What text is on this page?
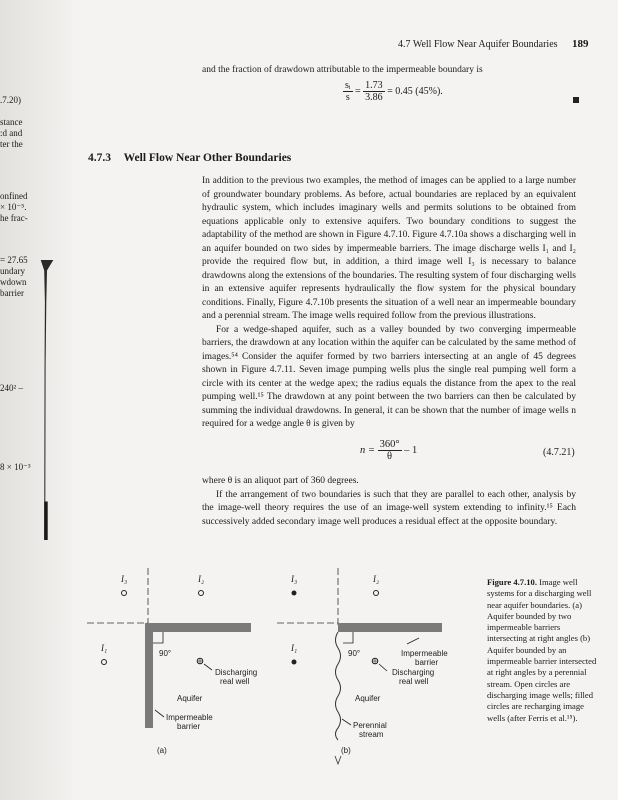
.7.20)
stance
:d and
ter the
onfined
× 10⁻⁵.
he frac-
= 27.65
undary
wdown
barrier
240² –
8 × 10⁻³
4.7 Well Flow Near Aquifer Boundaries 189

and the fraction of drawdown attributable to the impermeable boundary is

$\frac{\text{sᵢ}}{s} = \frac{1.73}{3.86} = 0.45$ (45%).
4.7.3 Well Flow Near Other Boundaries

In addition to the previous two examples, the method of images can be applied to a large number of groundwater boundary problems. As before, actual boundaries are replaced by an equivalent hydraulic system, which includes imaginary wells and permits solutions to be obtained from equations applicable only to extensive aquifers. Two boundary conditions to suggest the adaptability of the method are shown in Figure 4.7.10. Figure 4.7.10a shows a discharging well in an aquifer bounded on two sides by impermeable barriers. The image discharge wells I₁ and I₂ provide the required flow but, in addition, a third image well I₃ is necessary to balance drawdowns along the extensions of the boundaries. The resulting system of four discharging wells in an extensive aquifer represents hydraulically the flow system for the physical boundary conditions. Finally, Figure 4.7.10b presents the situation of a well near an impermeable boundary and a perennial stream. The image wells required follow from the previous illustrations.

For a wedge-shaped aquifer, such as a valley bounded by two converging impermeable barriers, the drawdown at any location within the aquifer can be calculated by the same method of images.⁵⁴ Consider the aquifer formed by two barriers intersecting at an angle of 45 degrees shown in Figure 4.7.11. Seven image pumping wells plus the single real pumping well form a circle with its center at the wedge apex; the radius equals the distance from the apex to the real pumping well.¹⁵ The drawdown at any point between the two barriers can then be calculated by summing the individual drawdowns. In general, it can be shown that the number of image wells n required for a wedge angle θ is given by

$n = \frac{360^\circ}{\theta} - 1$	(4.7.21)

where θ is an aliquot part of 360 degrees.

If the arrangement of two boundaries is such that they are parallel to each other, analysis by the image-well theory requires the use of an image-well system extending to infinity.¹⁵ Each successively added secondary image well produces a residual effect at the opposite boundary.

I₃	I₂
I₁
90°
Discharging
real well
Aquifer
Impermeable
barrier
(a)
I₃	I₂
I₁
90°	Impermeable
barrier
Discharging
real well
Aquifer
Perennial
stream
(b)
Figure 4.7.10. Image well systems for a discharging well near aquifer boundaries. (a) Aquifer bounded by two impermeable barriers intersecting at right angles (b) Aquifer bounded by an impermeable barrier intersected at right angles by a perennial stream. Open circles are discharging image wells; filled circles are recharging image wells (after Ferris et al.¹⁵).
